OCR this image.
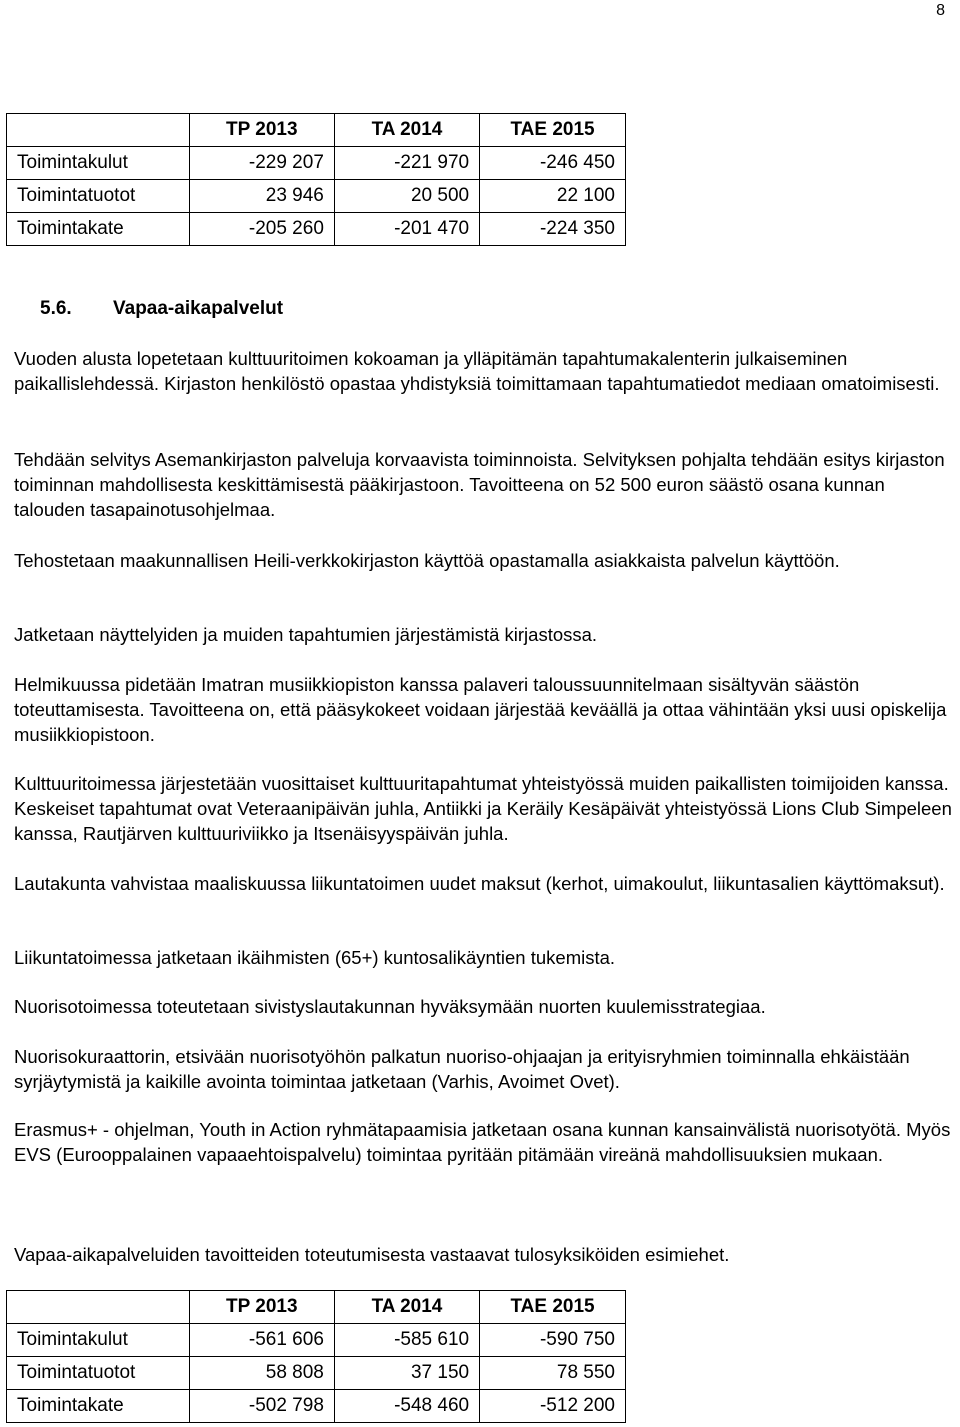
8
	TP 2013	TA 2014	TAE 2015
Toimintakulut	-229 207	-221 970	-246 450
Toimintatuotot	23 946	20 500	22 100
Toimintakate	-205 260	-201 470	-224 350
5.6. Vapaa-aikapalvelut

Vuoden alusta lopetetaan kulttuuritoimen kokoaman ja ylläpitämän tapahtumakalenterin julkaiseminen paikallislehdessä. Kirjaston henkilöstö opastaa yhdistyksiä toimittamaan tapahtumatiedot mediaan omatoimisesti.

Tehdään selvitys Asemankirjaston palveluja korvaavista toiminnoista. Selvityksen pohjalta tehdään esitys kirjaston toiminnan mahdollisesta keskittämisestä pääkirjastoon. Tavoitteena on 52 500 euron säästö osana kunnan talouden tasapainotusohjelmaa.

Tehostetaan maakunnallisen Heili-verkkokirjaston käyttöä opastamalla asiakkaista palvelun käyttöön.

Jatketaan näyttelyiden ja muiden tapahtumien järjestämistä kirjastossa.

Helmikuussa pidetään Imatran musiikkiopiston kanssa palaveri taloussuunnitelmaan sisältyvän säästön toteuttamisesta. Tavoitteena on, että pääsykokeet voidaan järjestää keväällä ja ottaa vähintään yksi uusi opiskelija musiikkiopistoon.

Kulttuuritoimessa järjestetään vuosittaiset kulttuuritapahtumat yhteistyössä muiden paikallisten toimijoiden kanssa. Keskeiset tapahtumat ovat Veteraanipäivän juhla, Antiikki ja Keräily Kesäpäivät yhteistyössä Lions Club Simpeleen kanssa, Rautjärven kulttuuriviikko ja Itsenäisyyspäivän juhla.

Lautakunta vahvistaa maaliskuussa liikuntatoimen uudet maksut (kerhot, uimakoulut, liikuntasalien käyttömaksut).

Liikuntatoimessa jatketaan ikäihmisten (65+) kuntosalikäyntien tukemista.

Nuorisotoimessa toteutetaan sivistyslautakunnan hyväksymään nuorten kuulemisstrategiaa.

Nuorisokuraattorin, etsivään nuorisotyöhön palkatun nuoriso-ohjaajan ja erityisryhmien toiminnalla ehkäistään syrjäytymistä ja kaikille avointa toimintaa jatketaan (Varhis, Avoimet Ovet).

Erasmus+ - ohjelman, Youth in Action ryhmätapaamisia jatketaan osana kunnan kansainvälistä nuorisotyötä. Myös EVS (Eurooppalainen vapaaehtoispalvelu) toimintaa pyritään pitämään vireänä mahdollisuuksien mukaan.

Vapaa-aikapalveluiden tavoitteiden toteutumisesta vastaavat tulosyksiköiden esimiehet.

	TP 2013	TA 2014	TAE 2015
Toimintakulut	-561 606	-585 610	-590 750
Toimintatuotot	58 808	37 150	78 550
Toimintakate	-502 798	-548 460	-512 200
